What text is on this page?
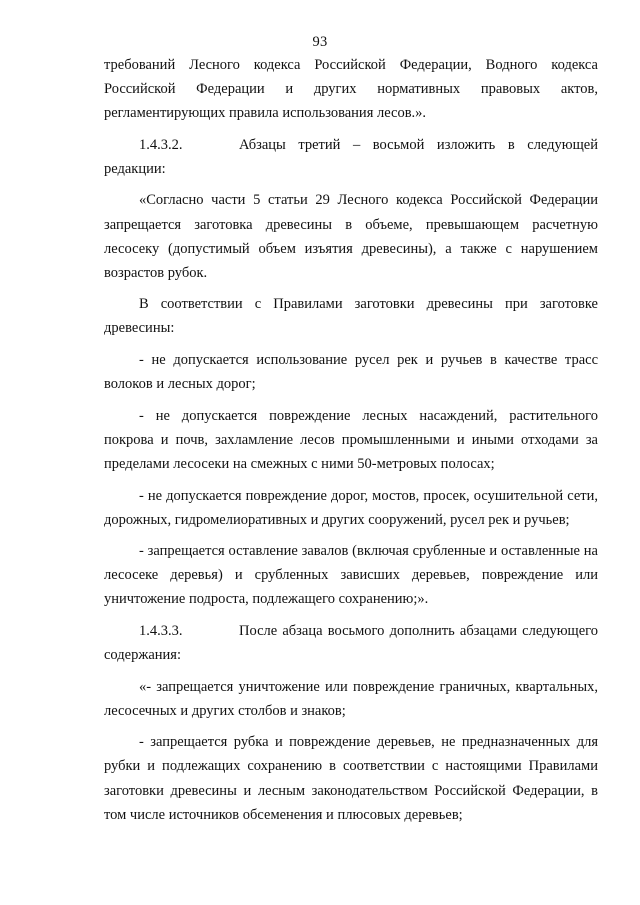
93

требований Лесного кодекса Российской Федерации, Водного кодекса Российской Федерации и других нормативных правовых актов, регламентирующих правила использования лесов.».

1.4.3.2.	Абзацы третий – восьмой изложить в следующей редакции:

«Согласно части 5 статьи 29 Лесного кодекса Российской Федерации запрещается заготовка древесины в объеме, превышающем расчетную лесосеку (допустимый объем изъятия древесины), а также с нарушением возрастов рубок.

В соответствии с Правилами заготовки древесины при заготовке древесины:

- не допускается использование русел рек и ручьев в качестве трасс волоков и лесных дорог;

- не допускается повреждение лесных насаждений, растительного покрова и почв, захламление лесов промышленными и иными отходами за пределами лесосеки на смежных с ними 50-метровых полосах;

- не допускается повреждение дорог, мостов, просек, осушительной сети, дорожных, гидромелиоративных и других сооружений, русел рек и ручьев;

- запрещается оставление завалов (включая срубленные и оставленные на лесосеке деревья) и срубленных зависших деревьев, повреждение или уничтожение подроста, подлежащего сохранению;».

1.4.3.3.	После абзаца восьмого дополнить абзацами следующего содержания:

«- запрещается уничтожение или повреждение граничных, квартальных, лесосечных и других столбов и знаков;

- запрещается рубка и повреждение деревьев, не предназначенных для рубки и подлежащих сохранению в соответствии с настоящими Правилами заготовки древесины и лесным законодательством Российской Федерации, в том числе источников обсеменения и плюсовых деревьев;
